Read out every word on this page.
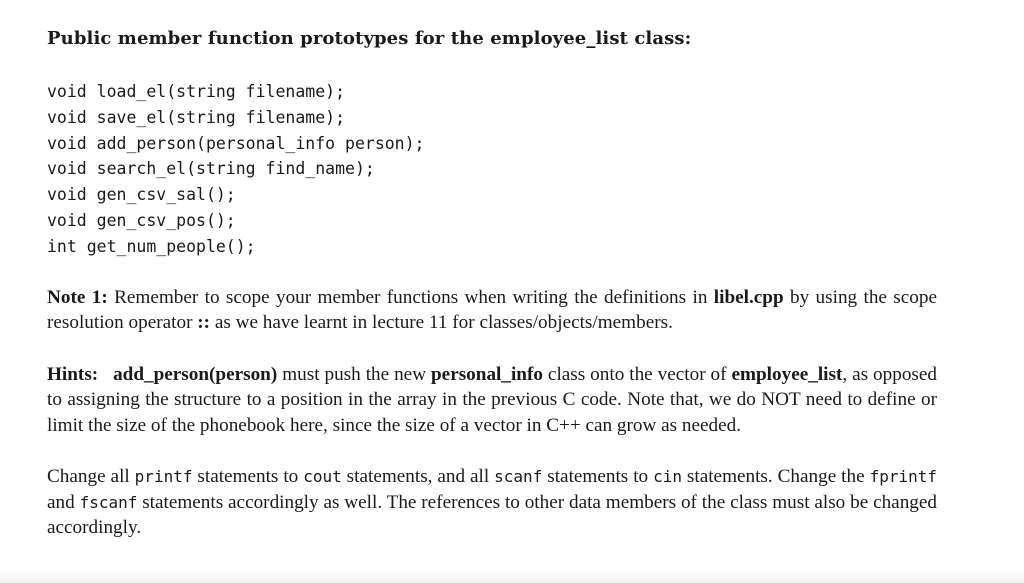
Public member function prototypes for the employee_list class:

void load_el(string filename);
void save_el(string filename);
void add_person(personal_info person);
void search_el(string find_name);
void gen_csv_sal();
void gen_csv_pos();
int get_num_people();

Note 1: Remember to scope your member functions when writing the definitions in libel.cpp by using the scope resolution operator :: as we have learnt in lecture 11 for classes/objects/members.

Hints: add_person(person) must push the new personal_info class onto the vector of employee_list, as opposed to assigning the structure to a position in the array in the previous C code. Note that, we do NOT need to define or limit the size of the phonebook here, since the size of a vector in C++ can grow as needed.

Change all printf statements to cout statements, and all scanf statements to cin statements. Change the fprintf and fscanf statements accordingly as well. The references to other data members of the class must also be changed accordingly.
